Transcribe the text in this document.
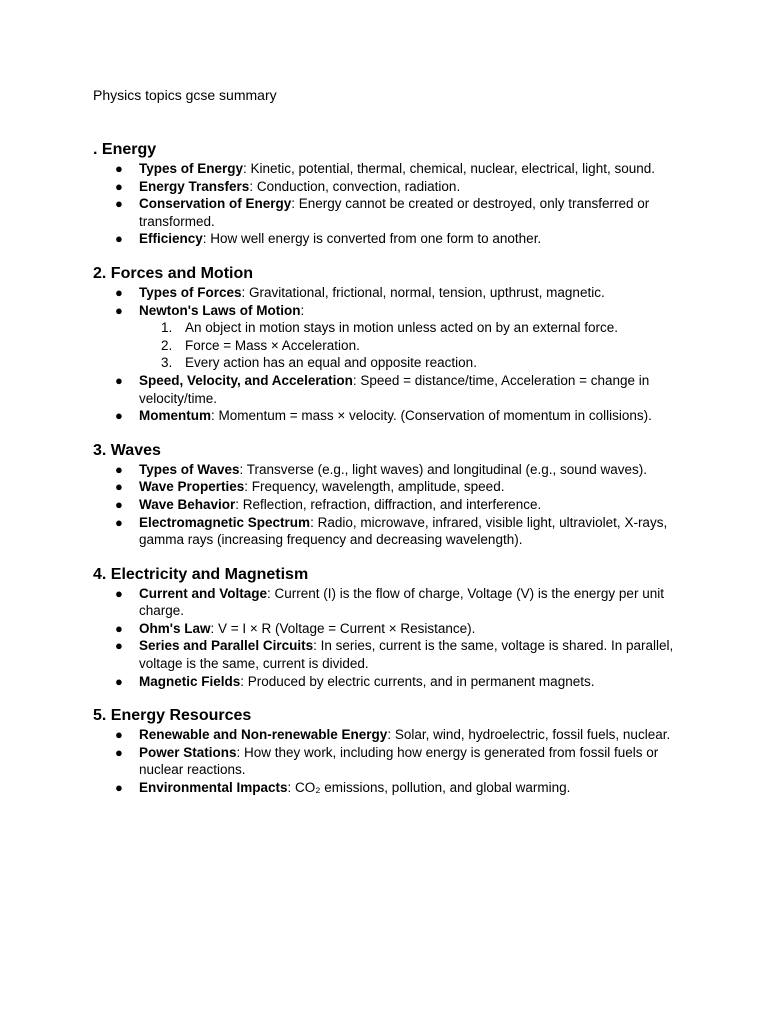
Physics topics gcse summary

. Energy
● Types of Energy: Kinetic, potential, thermal, chemical, nuclear, electrical, light, sound.
● Energy Transfers: Conduction, convection, radiation.
● Conservation of Energy: Energy cannot be created or destroyed, only transferred or transformed.
● Efficiency: How well energy is converted from one form to another.
2. Forces and Motion
● Types of Forces: Gravitational, frictional, normal, tension, upthrust, magnetic.
● Newton's Laws of Motion:
1. An object in motion stays in motion unless acted on by an external force.
2. Force = Mass × Acceleration.
3. Every action has an equal and opposite reaction.
● Speed, Velocity, and Acceleration: Speed = distance/time, Acceleration = change in velocity/time.
● Momentum: Momentum = mass × velocity. (Conservation of momentum in collisions).
3. Waves
● Types of Waves: Transverse (e.g., light waves) and longitudinal (e.g., sound waves).
● Wave Properties: Frequency, wavelength, amplitude, speed.
● Wave Behavior: Reflection, refraction, diffraction, and interference.
● Electromagnetic Spectrum: Radio, microwave, infrared, visible light, ultraviolet, X-rays, gamma rays (increasing frequency and decreasing wavelength).
4. Electricity and Magnetism
● Current and Voltage: Current (I) is the flow of charge, Voltage (V) is the energy per unit charge.
● Ohm's Law: V = I × R (Voltage = Current × Resistance).
● Series and Parallel Circuits: In series, current is the same, voltage is shared. In parallel, voltage is the same, current is divided.
● Magnetic Fields: Produced by electric currents, and in permanent magnets.
5. Energy Resources
● Renewable and Non-renewable Energy: Solar, wind, hydroelectric, fossil fuels, nuclear.
● Power Stations: How they work, including how energy is generated from fossil fuels or nuclear reactions.
● Environmental Impacts: CO₂ emissions, pollution, and global warming.
